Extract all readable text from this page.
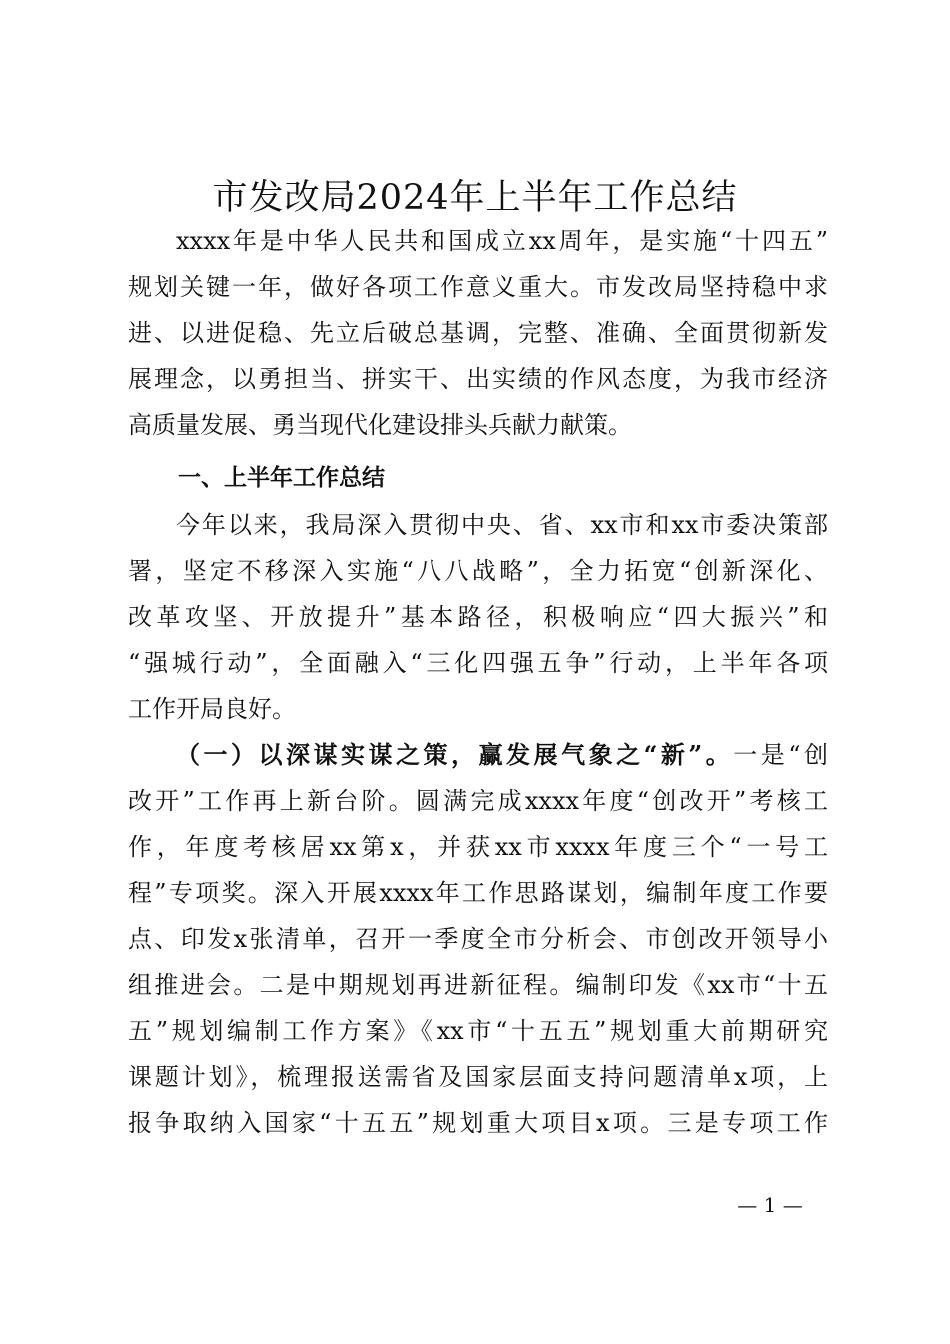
市发改局2024年上半年工作总结
xxxx年是中华人民共和国成立xx周年，是实施“十四五”
规划关键一年，做好各项工作意义重大。市发改局坚持稳中求
进、以进促稳、先立后破总基调，完整、准确、全面贯彻新发
展理念，以勇担当、拼实干、出实绩的作风态度，为我市经济
高质量发展、勇当现代化建设排头兵献力献策。
一、上半年工作总结
今年以来，我局深入贯彻中央、省、xx市和xx市委决策部
署，坚定不移深入实施“八八战略”，全力拓宽“创新深化、
改革攻坚、开放提升”基本路径，积极响应“四大振兴”和
“强城行动”，全面融入“三化四强五争”行动，上半年各项
工作开局良好。
（一）以深谋实谋之策，赢发展气象之“新”。一是“创
改开”工作再上新台阶。圆满完成xxxx年度“创改开”考核工
作，年度考核居xx第x，并获xx市xxxx年度三个“一号工
程”专项奖。深入开展xxxx年工作思路谋划，编制年度工作要
点、印发x张清单，召开一季度全市分析会、市创改开领导小
组推进会。二是中期规划再进新征程。编制印发《xx市“十五
五”规划编制工作方案》《xx市“十五五”规划重大前期研究
课题计划》，梳理报送需省及国家层面支持问题清单x项，上
报争取纳入国家“十五五”规划重大项目x项。三是专项工作
— 1 —
